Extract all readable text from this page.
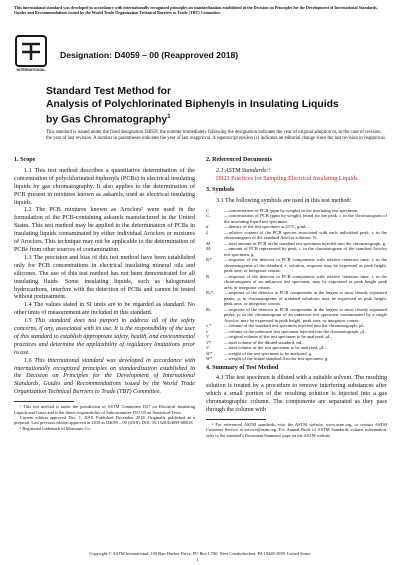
This international standard was developed in accordance with internationally recognized principles on standardization established in the Decision on Principles for the Development of International Standards, Guides and Recommendations issued by the World Trade Organization Technical Barriers to Trade (TBT) Committee.
INTERNATIONAL
Designation: D4059 – 00 (Reapproved 2018)
Standard Test Method for
Analysis of Polychlorinated Biphenyls in Insulating Liquids
by Gas Chromatography$^1$
This standard is issued under the fixed designation D4059; the number immediately following the designation indicates the year of original adoption or, in the case of revision, the year of last revision. A number in parentheses indicates the year of last reapproval. A superscript epsilon (ε) indicates an editorial change since the last revision or reapproval.
1. Scope

1.1 This test method describes a quantitative determination of the concentration of polychlorinated biphenyls (PCBs) in electrical insulating liquids by gas chromatography. It also applies to the determination of PCB present in mixtures known as askarels, used as electrical insulating liquids.

1.2 The PCB mixtures known as Aroclors² were used in the formulation of the PCB-containing askarels manufactured in the United States. This test method may be applied to the determination of PCBs in insulating liquids contaminated by either individual Aroclors or mixtures of Aroclors. This technique may not be applicable to the determination of PCBs from other sources of contamination.

1.3 The precision and bias of this test method have been established only for PCB concentrations in electrical insulating mineral oils and silicones. The use of this test method has not been demonstrated for all insulating fluids. Some insulating liquids, such as halogenated hydrocarbons, interfere with the detection of PCBs and cannot be tested without pretreatment.

1.4 The values stated in SI units are to be regarded as standard. No other units of measurement are included in this standard.

1.5 This standard does not purport to address all of the safety concerns, if any, associated with its use. It is the responsibility of the user of this standard to establish appropriate safety, health, and environmental practices and determine the applicability of regulatory limitations prior to use.

1.6 This international standard was developed in accordance with internationally recognized principles on standardization established in the Decision on Principles for the Development of International Standards, Guides and Recommendations issued by the World Trade Organization Technical Barriers to Trade (TBT) Committee.

¹ This test method is under the jurisdiction of ASTM Committee D27 on Electrical Insulating Liquids and Gases and is the direct responsibility of Subcommittee D27.03 on Analytical Tests.

Current edition approved Dec. 1, 2018. Published December 2018. Originally published as a proposal. Last previous edition approved in 2010 as D4059 – 00 (2010). DOI: 10.1520/D4059-00R18.

² Registered trademark of Monsanto Co.

2. Referenced Documents

2.1 ASTM Standards:³

D923 Practices for Sampling Electrical Insulating Liquids

3. Symbols

3.1 The following symbols are used in this test method:

C	—concentration of PCB (ppm by weight) in the insulating test specimen.
Cᵢ	—concentration of PCB (ppm by weight) found for the peak, i, in the chromatogram of the insulating liquid test specimen.
d	—density of the test specimen at 25°C, g/mL.
Iᵢ	—relative content of the PCB species associated with each individual peak, i, in the chromatogram of the standard Aroclor solution, %.
M	—total amount of PCB in the standard test specimen injected into the chromatograph, g.
Mᵢ	—amount of PCB represented by peak, i, in the chromatogram of the standard Aroclor test specimen, g.
Rᵢ*	—response of the detector to PCB components with relative retention time, i, in the chromatograms of the standard, s, solution, response may be expressed as peak height, peak area, or integrator counts.
Rᵢ	—response of the detector to PCB components with relative retention time, i, in the chromatogram of an unknown test specimen, may be expressed as peak height peak area, or integrator counts.
Rₚ*	—response of the detector to PCB components in the largest or most cleanly separated peaks, p, in chromatograms of standard solutions; may be expressed as peak height, peak area, or integrator counts.
Rₚ	—response of the detector to PCB components in the largest or most cleanly separated peaks, p, in the chromatogram of an unknown test specimen contaminated by a single Aroclor; may be expressed in peak height, peak area, or integrator counts.
v *	—volume of the standard test specimen injected into the chromatograph, μL.
v	—volume of the unknown test specimen injected into the chromatograph, μL.
V	—original volume of the test specimen to be analyzed, μL.
V*	—total volume of the diluted standard, mL.
V	—total volume of the test specimen to be analyzed, μL.
W*	—weight of the test specimen to be analyzed, g.
W*	—weight of the initial standard Aroclor test specimen, g.
4. Summary of Test Method

4.1 The test specimen is diluted with a suitable solvent. The resulting solution is treated by a procedure to remove interfering substances after which a small portion of the resulting solution is injected into a gas chromatographic column. The components are separated as they pass through the column with

³ For referenced ASTM standards, visit the ASTM website, www.astm.org, or contact ASTM Customer Service at service@astm.org. For Annual Book of ASTM Standards volume information, refer to the standard's Document Summary page on the ASTM website.

Copyright © ASTM International, 100 Barr Harbor Drive, PO Box C700, West Conshohocken, PA 19428-2959. United States
1
